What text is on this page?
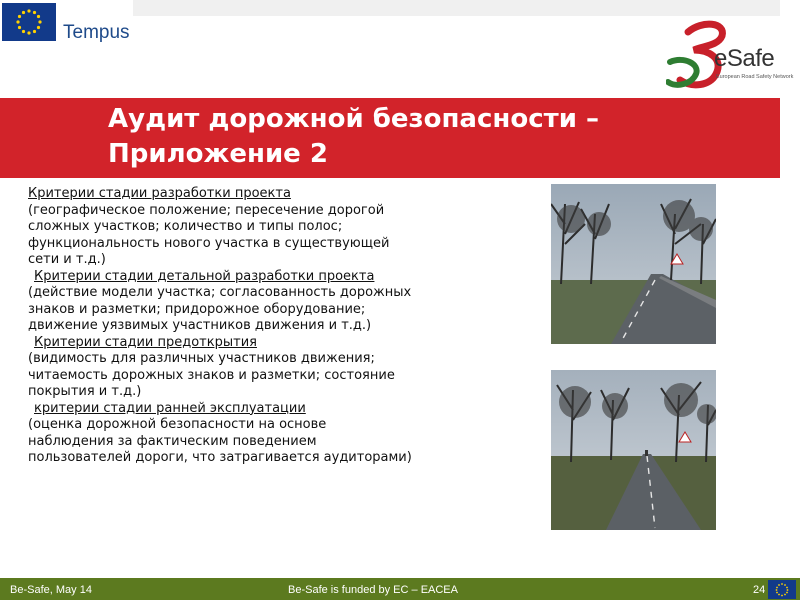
Tempus
eSafe
European Road Safety Network
Аудит дорожной безопасности – Приложение 2

Критерии стадии разработки проекта

(географическое положение; пересечение дорогой сложных участков; количество и типы полос; функциональность нового участка в существующей сети и т.д.)

Критерии стадии детальной разработки проекта

(действие модели участка; согласованность дорожных знаков и разметки; придорожное оборудование; движение уязвимых участников движения и т.д.)

Критерии стадии предоткрытия

(видимость для различных участников движения; читаемость дорожных знаков и разметки; состояние покрытия и т.д.)

критерии стадии ранней эксплуатации

(оценка дорожной безопасности на основе наблюдения за фактическим поведением пользователей дороги, что затрагивается аудиторами)

Be-Safe, May 14	Be-Safe is funded by EC – EACEA	24
